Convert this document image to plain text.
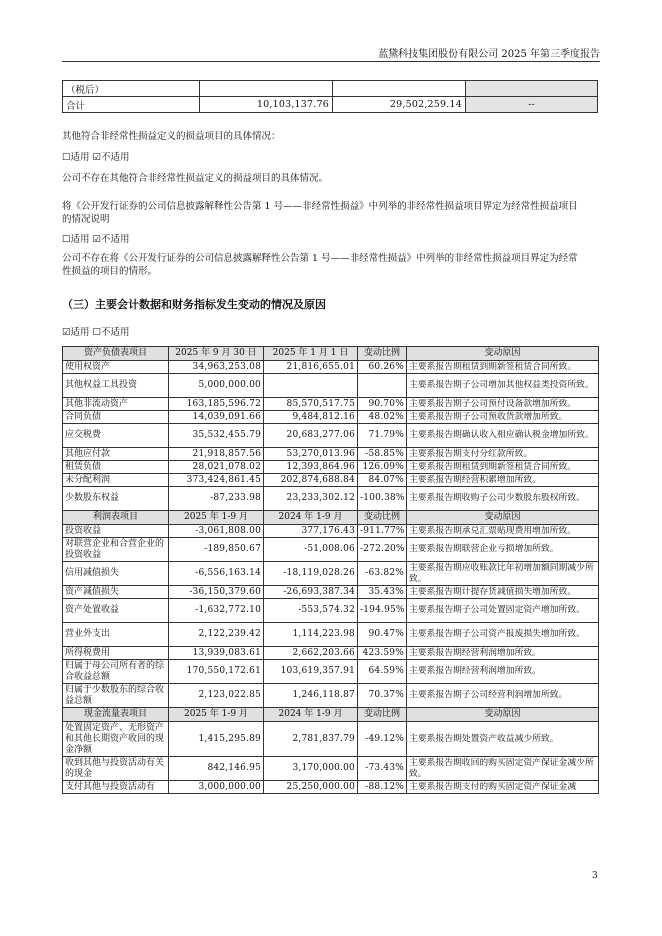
蓝黛科技集团股份有限公司 2025 年第三季度报告
（税后）			
合计	10,103,137.76	29,502,259.14	--
其他符合非经常性损益定义的损益项目的具体情况：
☐适用 ☑不适用
公司不存在其他符合非经常性损益定义的损益项目的具体情况。
将《公开发行证券的公司信息披露解释性公告第 1 号——非经常性损益》中列举的非经常性损益项目界定为经常性损益项目的情况说明
☐适用 ☑不适用
公司不存在将《公开发行证券的公司信息披露解释性公告第 1 号——非经常性损益》中列举的非经常性损益项目界定为经常性损益的项目的情形。
（三）主要会计数据和财务指标发生变动的情况及原因
☑适用 ☐不适用
资产负债表项目	2025 年 9 月 30 日	2025 年 1 月 1 日	变动比例	变动原因
使用权资产	34,963,253.08	21,816,655.01	60.26%	主要系报告期租赁到期新签租赁合同所致。
其他权益工具投资	5,000,000.00			主要系报告期子公司增加其他权益类投资所致。
其他非流动资产	163,185,596.72	85,570,517.75	90.70%	主要系报告期子公司预付设备款增加所致。
合同负债	14,039,091.66	9,484,812.16	48.02%	主要系报告期子公司预收货款增加所致。
应交税费	35,532,455.79	20,683,277.06	71.79%	主要系报告期确认收入相应确认税金增加所致。
其他应付款	21,918,857.56	53,270,013.96	-58.85%	主要系报告期支付分红款所致。
租赁负债	28,021,078.02	12,393,864.96	126.09%	主要系报告期租赁到期新签租赁合同所致。
未分配利润	373,424,861.45	202,874,688.84	84.07%	主要系报告期经营积累增加所致。
少数股东权益	-87,233.98	23,233,302.12	-100.38%	主要系报告期收购子公司少数股东股权所致。
利润表项目	2025 年 1-9 月	2024 年 1-9 月	变动比例	变动原因
投资收益	-3,061,808.00	377,176.43	-911.77%	主要系报告期承兑汇票贴现费用增加所致。
对联营企业和合营企业的投资收益	-189,850.67	-51,008.06	-272.20%	主要系报告期联营企业亏损增加所致。
信用减值损失	-6,556,163.14	-18,119,028.26	-63.82%	主要系报告期应收账款比年初增加额同期减少所致。
资产减值损失	-36,150,379.60	-26,693,387.34	35.43%	主要系报告期计提存货减值损失增加所致。
资产处置收益	-1,632,772.10	-553,574.32	-194.95%	主要系报告期子公司处置固定资产增加所致。
营业外支出	2,122,239.42	1,114,223.98	90.47%	主要系报告期子公司资产报废损失增加所致。
所得税费用	13,939,083.61	2,662,203.66	423.59%	主要系报告期经营利润增加所致。
归属于母公司所有者的综合收益总额	170,550,172.61	103,619,357.91	64.59%	主要系报告期经营利润增加所致。
归属于少数股东的综合收益总额	2,123,022.85	1,246,118.87	70.37%	主要系报告期子公司经营利润增加所致。
现金流量表项目	2025 年 1-9 月	2024 年 1-9 月	变动比例	变动原因
处置固定资产、无形资产和其他长期资产收回的现金净额	1,415,295.89	2,781,837.79	-49.12%	主要系报告期处置资产收益减少所致。
收到其他与投资活动有关的现金	842,146.95	3,170,000.00	-73.43%	主要系报告期收回的购买固定资产保证金减少所致。
支付其他与投资活动有	3,000,000.00	25,250,000.00	-88.12%	主要系报告期支付的购买固定资产保证金减
3
